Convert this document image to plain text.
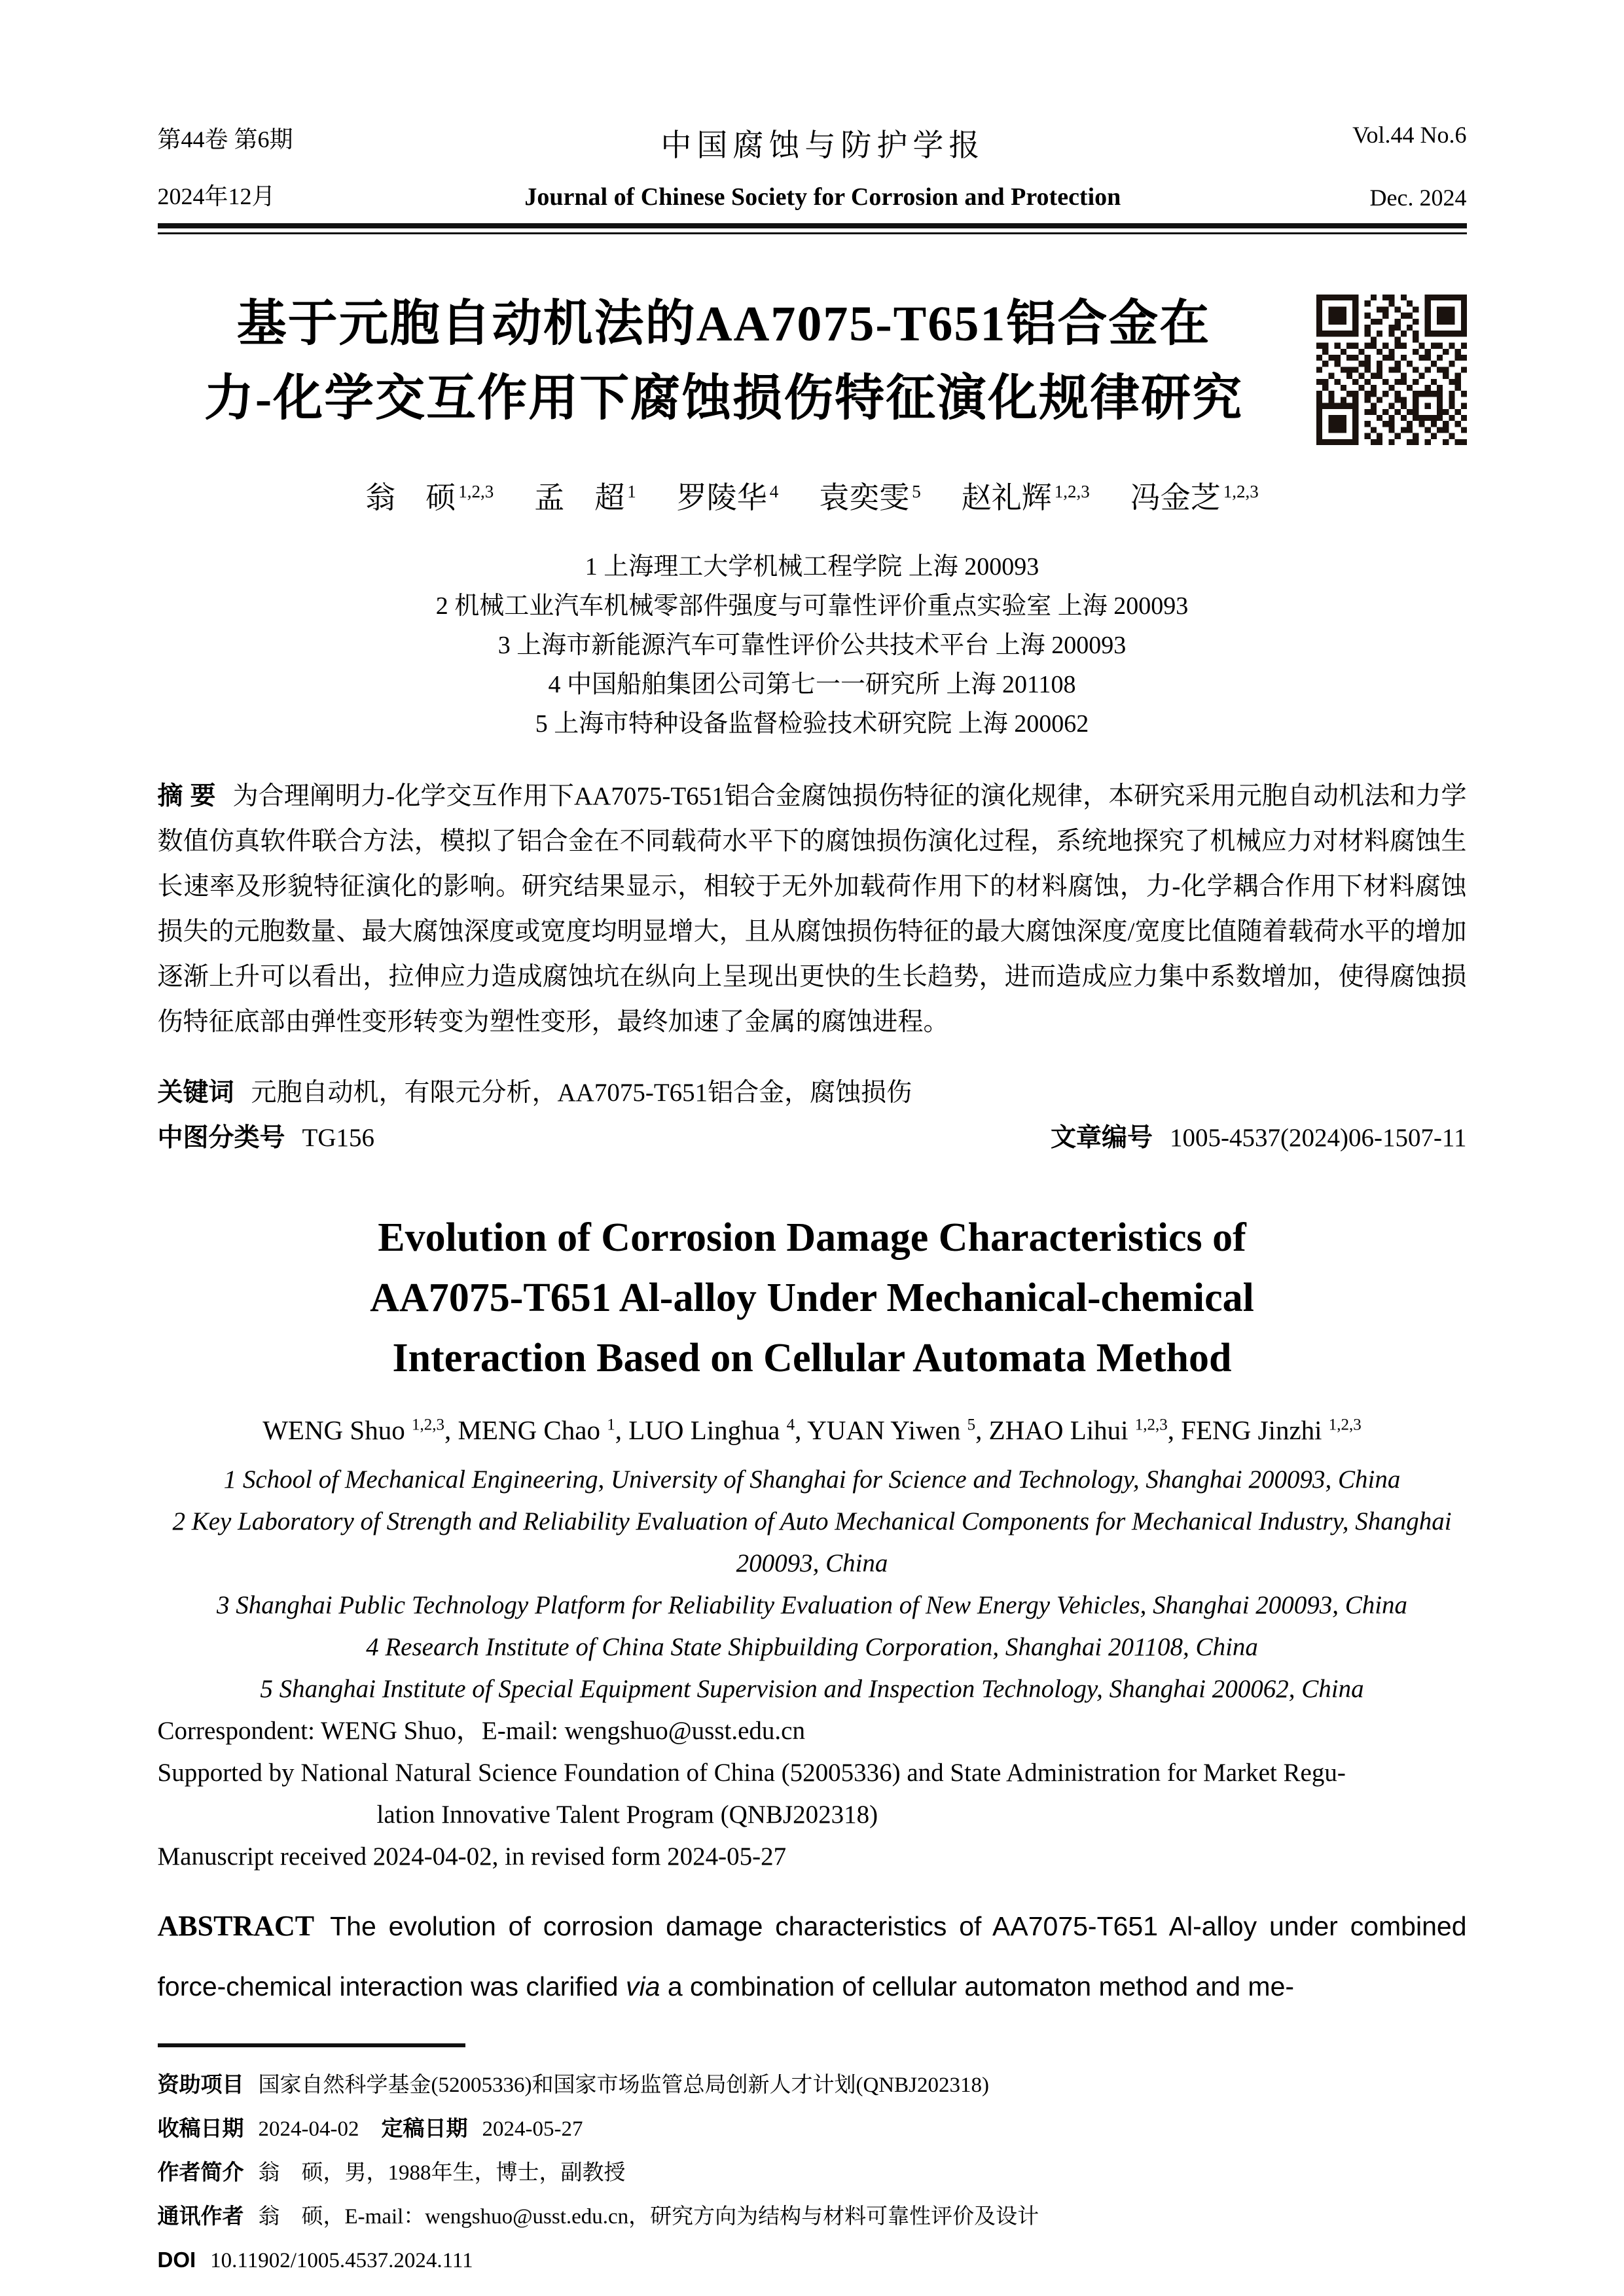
第44卷 第6期
2024年12月
中国腐蚀与防护学报
Journal of Chinese Society for Corrosion and Protection
Vol.44 No.6
Dec. 2024
基于元胞自动机法的AA7075-T651铝合金在
力-化学交互作用下腐蚀损伤特征演化规律研究
翁　硕 $^{1,2,3}$ 孟　超 $^1$ 罗陵华 $^4$ 袁奕雯 $^5$ 赵礼辉 $^{1,2,3}$ 冯金芝 $^{1,2,3}$
1 上海理工大学机械工程学院 上海 200093
2 机械工业汽车机械零部件强度与可靠性评价重点实验室 上海 200093
3 上海市新能源汽车可靠性评价公共技术平台 上海 200093
4 中国船舶集团公司第七一一研究所 上海 201108
5 上海市特种设备监督检验技术研究院 上海 200062

摘 要 为合理阐明力-化学交互作用下AA7075-T651铝合金腐蚀损伤特征的演化规律，本研究采用元胞自动机法和力学数值仿真软件联合方法，模拟了铝合金在不同载荷水平下的腐蚀损伤演化过程，系统地探究了机械应力对材料腐蚀生长速率及形貌特征演化的影响。研究结果显示，相较于无外加载荷作用下的材料腐蚀，力-化学耦合作用下材料腐蚀损失的元胞数量、最大腐蚀深度或宽度均明显增大，且从腐蚀损伤特征的最大腐蚀深度/宽度比值随着载荷水平的增加逐渐上升可以看出，拉伸应力造成腐蚀坑在纵向上呈现出更快的生长趋势，进而造成应力集中系数增加，使得腐蚀损伤特征底部由弹性变形转变为塑性变形，最终加速了金属的腐蚀进程。

关键词 元胞自动机，有限元分析，AA7075-T651铝合金，腐蚀损伤
中图分类号 TG156	文章编号 1005-4537(2024)06-1507-11
Evolution of Corrosion Damage Characteristics of
AA7075-T651 Al-alloy Under Mechanical-chemical
Interaction Based on Cellular Automata Method
WENG Shuo $^{1,2,3}$, MENG Chao $^1$, LUO Linghua $^4$, YUAN Yiwen $^5$, ZHAO Lihui $^{1,2,3}$, FENG Jinzhi $^{1,2,3}$
1 School of Mechanical Engineering, University of Shanghai for Science and Technology, Shanghai 200093, China
2 Key Laboratory of Strength and Reliability Evaluation of Auto Mechanical Components for Mechanical Industry, Shanghai 200093, China
3 Shanghai Public Technology Platform for Reliability Evaluation of New Energy Vehicles, Shanghai 200093, China
4 Research Institute of China State Shipbuilding Corporation, Shanghai 201108, China
5 Shanghai Institute of Special Equipment Supervision and Inspection Technology, Shanghai 200062, China
Correspondent: WENG Shuo，E-mail: wengshuo@usst.edu.cn
Supported by National Natural Science Foundation of China (52005336) and State Administration for Market Regu-
lation Innovative Talent Program (QNBJ202318)
Manuscript received 2024-04-02, in revised form 2024-05-27

ABSTRACT The evolution of corrosion damage characteristics of AA7075-T651 Al-alloy under combined force-chemical interaction was clarified via a combination of cellular automaton method and me-

资助项目 国家自然科学基金(52005336)和国家市场监管总局创新人才计划(QNBJ202318)
收稿日期 2024-04-02 定稿日期 2024-05-27
作者简介 翁　硕，男，1988年生，博士，副教授
通讯作者 翁　硕，E-mail：wengshuo@usst.edu.cn，研究方向为结构与材料可靠性评价及设计
DOI 10.11902/1005.4537.2024.111
